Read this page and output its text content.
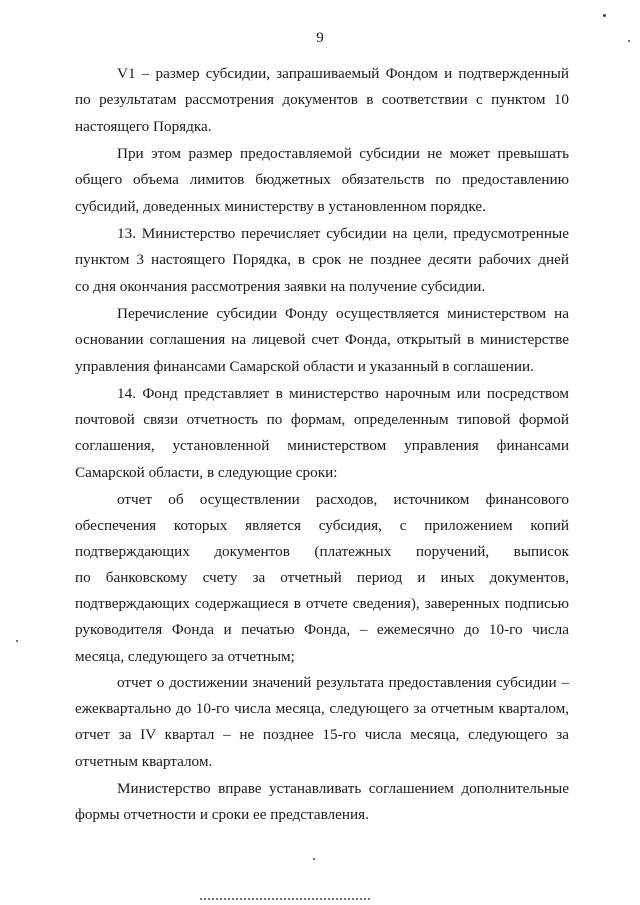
9
V1 – размер субсидии, запрашиваемый Фондом и подтвержденный
по результатам рассмотрения документов в соответствии с пунктом 10
настоящего Порядка.
При этом размер предоставляемой субсидии не может превышать
общего объема лимитов бюджетных обязательств по предоставлению
субсидий, доведенных министерству в установленном порядке.
13. Министерство перечисляет субсидии на цели, предусмотренные
пунктом 3 настоящего Порядка, в срок не позднее десяти рабочих дней
со дня окончания рассмотрения заявки на получение субсидии.
Перечисление субсидии Фонду осуществляется министерством на
основании соглашения на лицевой счет Фонда, открытый в министерстве
управления финансами Самарской области и указанный в соглашении.
14. Фонд представляет в министерство нарочным или посредством
почтовой связи отчетность по формам, определенным типовой формой
соглашения, установленной министерством управления финансами
Самарской области, в следующие сроки:
отчет об осуществлении расходов, источником финансового
обеспечения которых является субсидия, с приложением копий
подтверждающих документов (платежных поручений, выписок
по банковскому счету за отчетный период и иных документов,
подтверждающих содержащиеся в отчете сведения), заверенных подписью
руководителя Фонда и печатью Фонда, – ежемесячно до 10-го числа
месяца, следующего за отчетным;
отчет о достижении значений результата предоставления субсидии –
ежеквартально до 10-го числа месяца, следующего за отчетным кварталом,
отчет за IV квартал – не позднее 15-го числа месяца, следующего за
отчетным кварталом.
Министерство вправе устанавливать соглашением дополнительные
формы отчетности и сроки ее представления.
